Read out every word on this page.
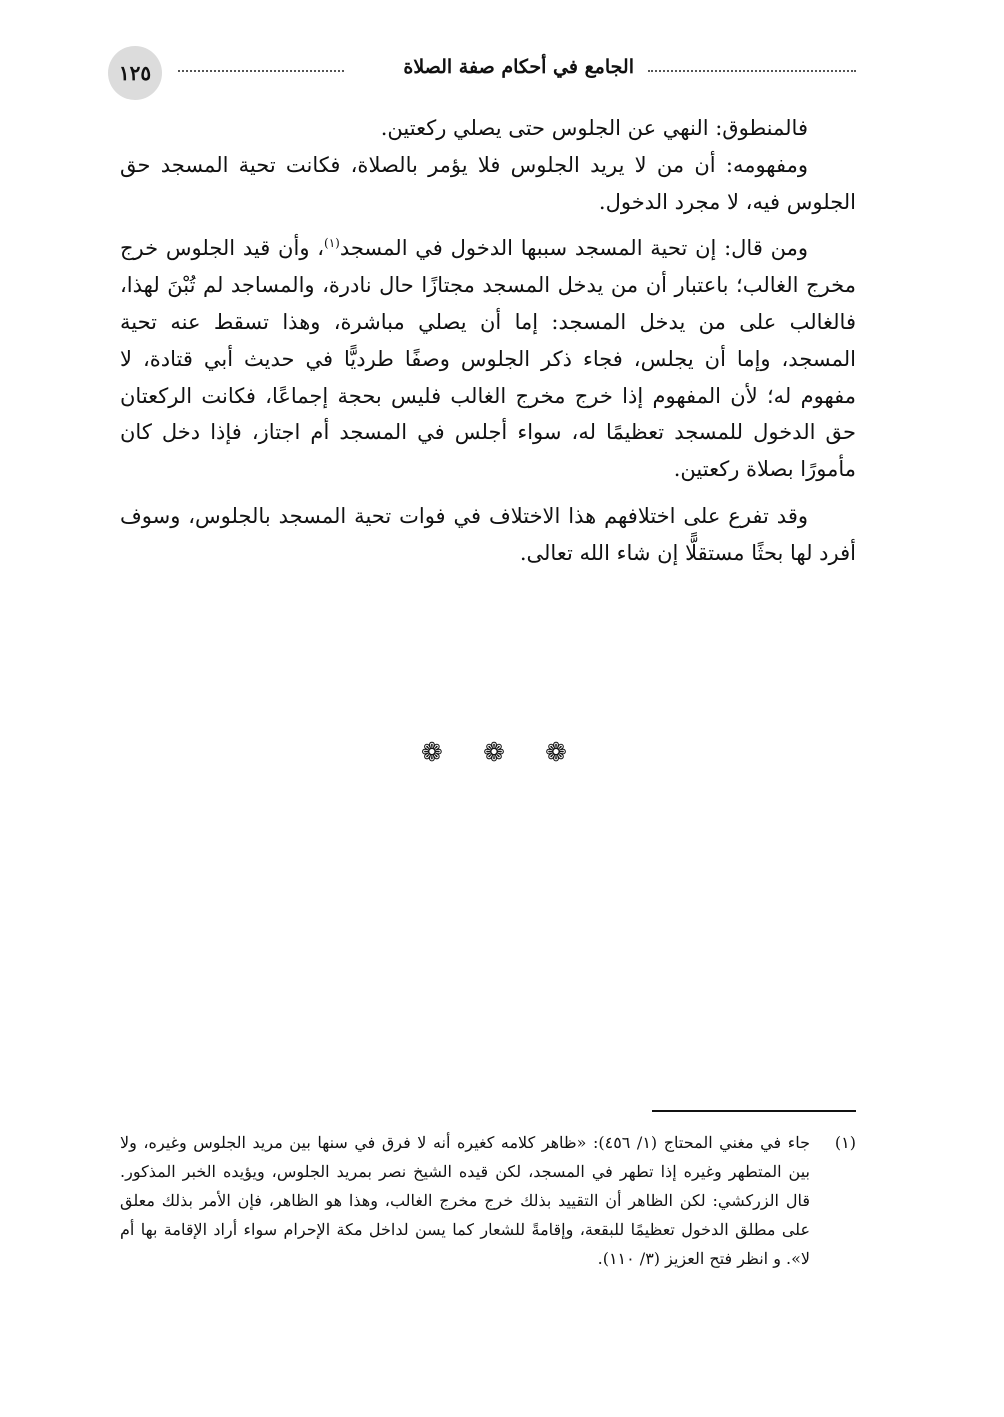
الجامع في أحكام صفة الصلاة
١٢٥

فالمنطوق: النهي عن الجلوس حتى يصلي ركعتين.

ومفهومه: أن من لا يريد الجلوس فلا يؤمر بالصلاة، فكانت تحية المسجد حق الجلوس فيه، لا مجرد الدخول.

ومن قال: إن تحية المسجد سببها الدخول في المسجد$^{(١)}$، وأن قيد الجلوس خرج مخرج الغالب؛ باعتبار أن من يدخل المسجد مجتازًا حال نادرة، والمساجد لم تُبْنَ لهذا، فالغالب على من يدخل المسجد: إما أن يصلي مباشرة، وهذا تسقط عنه تحية المسجد، وإما أن يجلس، فجاء ذكر الجلوس وصفًا طرديًّا في حديث أبي قتادة، لا مفهوم له؛ لأن المفهوم إذا خرج مخرج الغالب فليس بحجة إجماعًا، فكانت الركعتان حق الدخول للمسجد تعظيمًا له، سواء أجلس في المسجد أم اجتاز، فإذا دخل كان مأمورًا بصلاة ركعتين.

وقد تفرع على اختلافهم هذا الاختلاف في فوات تحية المسجد بالجلوس، وسوف أفرد لها بحثًا مستقلًّا إن شاء الله تعالى.

❁ ❁ ❁
(١)
جاء في مغني المحتاج (١/ ٤٥٦): «ظاهر كلامه كغيره أنه لا فرق في سنها بين مريد الجلوس وغيره، ولا بين المتطهر وغيره إذا تطهر في المسجد، لكن قيده الشيخ نصر بمريد الجلوس، ويؤيده الخبر المذكور. قال الزركشي: لكن الظاهر أن التقييد بذلك خرج مخرج الغالب، وهذا هو الظاهر، فإن الأمر بذلك معلق على مطلق الدخول تعظيمًا للبقعة، وإقامةً للشعار كما يسن لداخل مكة الإحرام سواء أراد الإقامة بها أم لا». و انظر فتح العزيز (٣/ ١١٠).
